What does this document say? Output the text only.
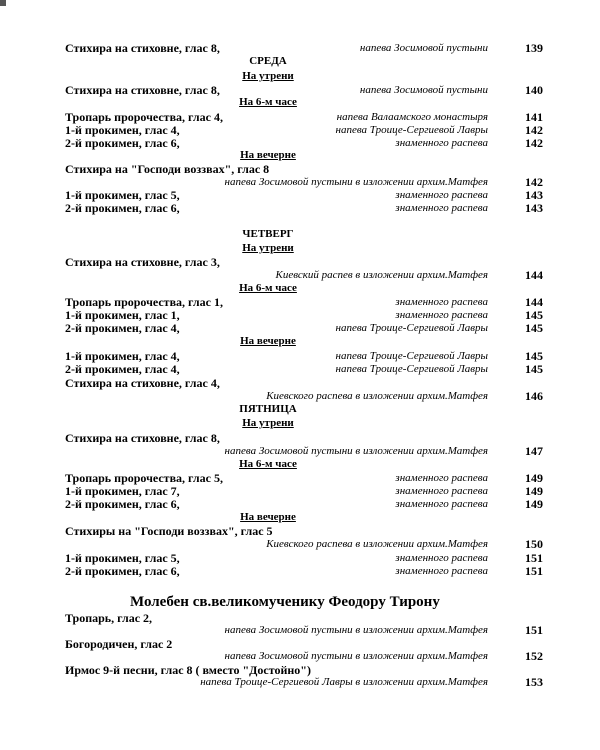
Стихира на стиховне, глас 8,	напева Зосимовой пустыни	139
СРЕДА
На утрени
Стихира на стиховне, глас 8,	напева Зосимовой пустыни	140
На 6-м часе
Тропарь пророчества, глас 4,	напева Валаамского монастыря	141
1-й прокимен, глас 4,	напева Троице-Сергиевой Лавры	142
2-й прокимен, глас 6,	знаменного распева	142
На вечерне
Стихира на "Господи воззвах", глас 8
напева Зосимовой пустыни в изложении архим.Матфея	142
1-й прокимен, глас 5,	знаменного распева	143
2-й прокимен, глас 6,	знаменного распева	143
ЧЕТВЕРГ
На утрени
Стихира на стиховне, глас 3,
Киевский распев в изложении архим.Матфея	144
На 6-м часе
Тропарь пророчества, глас 1,	знаменного распева	144
1-й прокимен, глас 1,	знаменного распева	145
2-й прокимен, глас 4,	напева Троице-Сергиевой Лавры	145
На вечерне
1-й прокимен, глас 4,	напева Троице-Сергиевой Лавры	145
2-й прокимен, глас 4,	напева Троице-Сергиевой Лавры	145
Стихира на стиховне, глас 4,
Киевского распева в изложении архим.Матфея	146
ПЯТНИЦА
На утрени
Стихира на стиховне, глас 8,
напева Зосимовой пустыни в изложении архим.Матфея	147
На 6-м часе
Тропарь пророчества, глас 5,	знаменного распева	149
1-й прокимен, глас 7,	знаменного распева	149
2-й прокимен, глас 6,	знаменного распева	149
На вечерне
Стихиры на "Господи воззвах", глас 5
Киевского распева в изложении архим.Матфея	150
1-й прокимен, глас 5,	знаменного распева	151
2-й прокимен, глас 6,	знаменного распева	151
Молебен св.великомученику Феодору Тирону
Тропарь, глас 2,
напева Зосимовой пустыни в изложении архим.Матфея	151
Богородичен, глас 2
напева Зосимовой пустыни в изложении архим.Матфея	152
Ирмос 9-й песни, глас 8 ( вместо "Достойно")
напева Троице-Сергиевой Лавры в изложении архим.Матфея	153
